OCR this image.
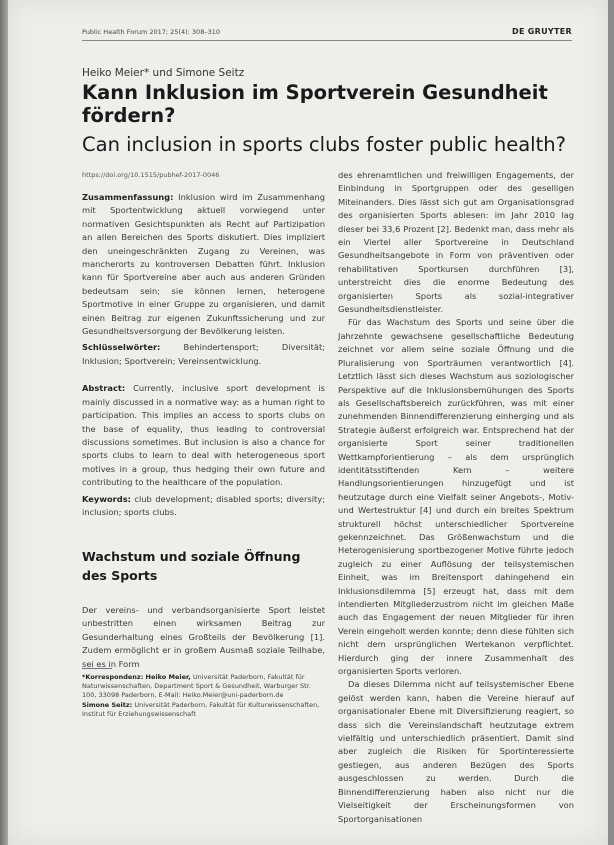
Public Health Forum 2017; 25(4): 308–310	DE GRUYTER
Heiko Meier* und Simone Seitz
Kann Inklusion im Sportverein Gesundheit fördern?
Can inclusion in sports clubs foster public health?
https://doi.org/10.1515/pubhef-2017-0046

Zusammenfassung: Inklusion wird im Zusammenhang mit Sportentwicklung aktuell vorwiegend unter normativen Gesichtspunkten als Recht auf Partizipation an allen Bereichen des Sports diskutiert. Dies impliziert den uneingeschränkten Zugang zu Vereinen, was mancherorts zu kontroversen Debatten führt. Inklusion kann für Sportvereine aber auch aus anderen Gründen bedeutsam sein; sie können lernen, heterogene Sportmotive in einer Gruppe zu organisieren, und damit einen Beitrag zur eigenen Zukunftssicherung und zur Gesundheitsversorgung der Bevölkerung leisten.

Schlüsselwörter: Behindertensport; Diversität; Inklusion; Sportverein; Vereinsentwicklung.

Abstract: Currently, inclusive sport development is mainly discussed in a normative way: as a human right to participation. This implies an access to sports clubs on the base of equality, thus leading to controversial discussions sometimes. But inclusion is also a chance for sports clubs to learn to deal with heterogeneous sport motives in a group, thus hedging their own future and contributing to the healthcare of the population.

Keywords: club development; disabled sports; diversity; inclusion; sports clubs.

Wachstum und soziale Öffnung des Sports

Der vereins- und verbandsorganisierte Sport leistet unbestritten einen wirksamen Beitrag zur Gesunderhaltung eines Großteils der Bevölkerung [1]. Zudem ermöglicht er in großem Ausmaß soziale Teilhabe, sei es in Form

*Korrespondenz: Heiko Meier, Universität Paderborn, Fakultät für Naturwissenschaften, Department Sport & Gesundheit, Warburger Str. 100, 33098 Paderborn, E-Mail: Heiko.Meier@uni-paderborn.de
Simone Seitz: Universität Paderborn, Fakultät für Kulturwissenschaften, Institut für Erziehungswissenschaft

des ehrenamtlichen und freiwilligen Engagements, der Einbindung in Sportgruppen oder des geselligen Miteinanders. Dies lässt sich gut am Organisationsgrad des organisierten Sports ablesen: im Jahr 2010 lag dieser bei 33,6 Prozent [2]. Bedenkt man, dass mehr als ein Viertel aller Sportvereine in Deutschland Gesundheitsangebote in Form von präventiven oder rehabilitativen Sportkursen durchführen [3], unterstreicht dies die enorme Bedeutung des organisierten Sports als sozial-integrativer Gesundheitsdienstleister.

Für das Wachstum des Sports und seine über die Jahrzehnte gewachsene gesellschaftliche Bedeutung zeichnet vor allem seine soziale Öffnung und die Pluralisierung von Sporträumen verantwortlich [4]. Letztlich lässt sich dieses Wachstum aus soziologischer Perspektive auf die Inklusionsbemühungen des Sports als Gesellschaftsbereich zurückführen, was mit einer zunehmenden Binnendifferenzierung einherging und als Strategie äußerst erfolgreich war. Entsprechend hat der organisierte Sport seiner traditionellen Wettkampforientierung – als dem ursprünglich identitätsstiftenden Kern – weitere Handlungsorientierungen hinzugefügt und ist heutzutage durch eine Vielfalt seiner Angebots-, Motiv- und Wertestruktur [4] und durch ein breites Spektrum strukturell höchst unterschiedlicher Sportvereine gekennzeichnet. Das Größenwachstum und die Heterogenisierung sportbezogener Motive führte jedoch zugleich zu einer Auflösung der teilsystemischen Einheit, was im Breitensport dahingehend ein Inklusionsdilemma [5] erzeugt hat, dass mit dem intendierten Mitgliederzustrom nicht im gleichen Maße auch das Engagement der neuen Mitglieder für ihren Verein eingeholt werden konnte; denn diese fühlten sich nicht dem ursprünglichen Wertekanon verpflichtet. Hierdurch ging der innere Zusammenhalt des organisierten Sports verloren.

Da dieses Dilemma nicht auf teilsystemischer Ebene gelöst werden kann, haben die Vereine hierauf auf organisationaler Ebene mit Diversifizierung reagiert, so dass sich die Vereinslandschaft heutzutage extrem vielfältig und unterschiedlich präsentiert. Damit sind aber zugleich die Risiken für Sportinteressierte gestiegen, aus anderen Bezügen des Sports ausgeschlossen zu werden. Durch die Binnendifferenzierung haben also nicht nur die Vielseitigkeit der Erscheinungsformen von Sportorganisationen
